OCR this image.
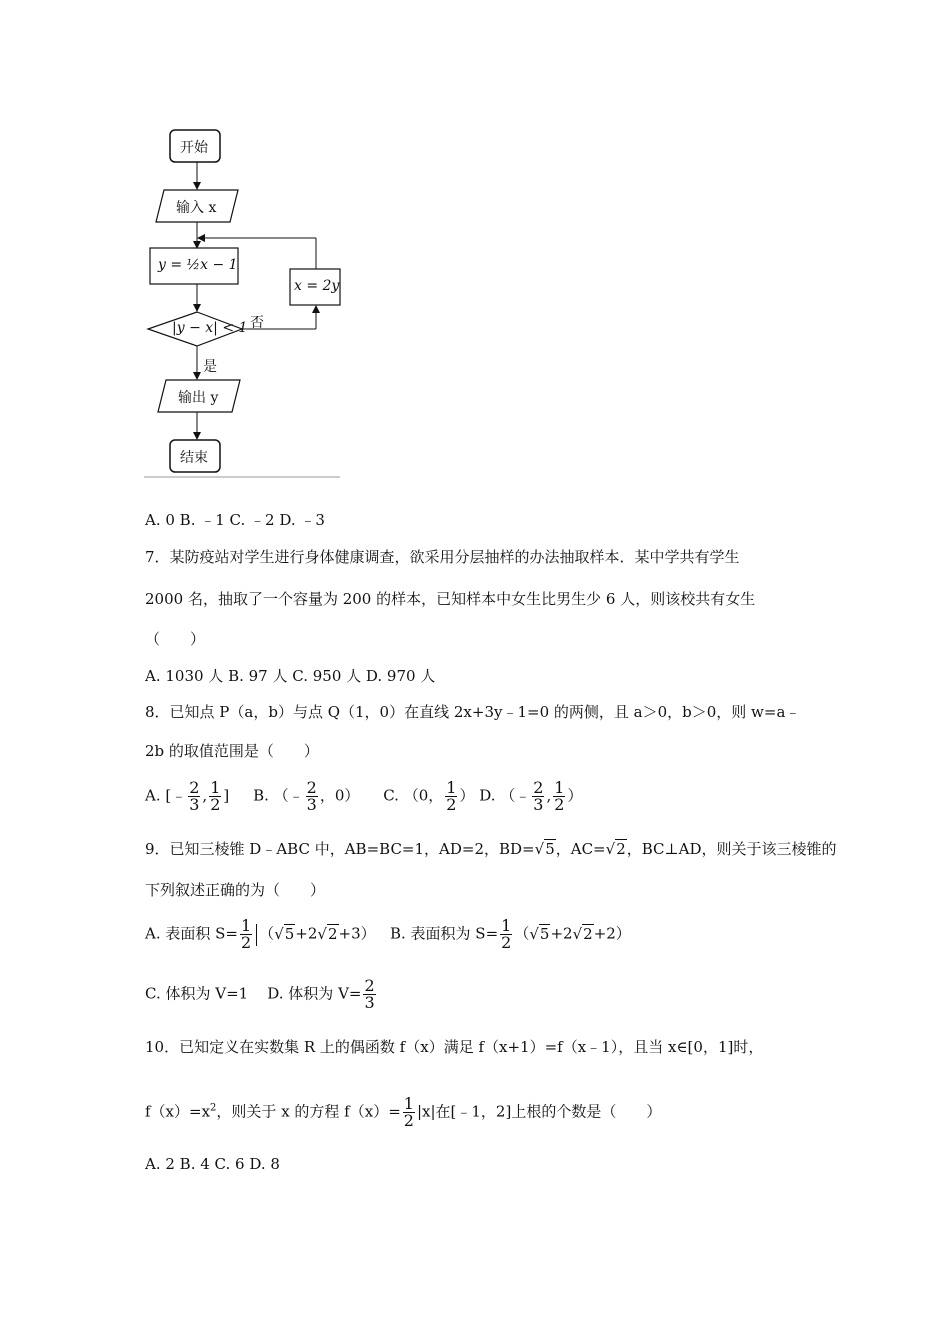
开始
输入 x
y = ½x − 1
|y − x| < 1 否
x = 2y
是
输出 y
结束
A. 0 B. ﹣1 C. ﹣2 D. ﹣3
7．某防疫站对学生进行身体健康调查，欲采用分层抽样的办法抽取样本．某中学共有学生
2000 名，抽取了一个容量为 200 的样本，已知样本中女生比男生少 6 人，则该校共有女生
（　　）
A. 1030 人 B. 97 人 C. 950 人 D. 970 人
8．已知点 P（a，b）与点 Q（1，0）在直线 2x+3y﹣1=0 的两侧，且 a＞0，b＞0，则 w=a﹣
2b 的取值范围是（　　）
A. [﹣ $\frac{2}{3}$ , $\frac{1}{2}$ ]     B. （﹣ $\frac{2}{3}$ ，0） C. （0， $\frac{1}{2}$ ） D. （﹣ $\frac{2}{3}$ , $\frac{1}{2}$ ）
9．已知三棱锥 D﹣ABC 中，AB=BC=1，AD=2，BD=√5，AC=√2，BC⊥AD，则关于该三棱锥的
下列叙述正确的为（　　）
A. 表面积 $S= \frac{1}{2} (√5+2√2+3)$ B. 表面积为 $S= \frac{1}{2} (√5+2√2+2)$
C. 体积为 V=1 D. 体积为 $V= \frac{2}{3}$
10．已知定义在实数集 R 上的偶函数 f（x）满足 f（x+1）=f（x﹣1），且当 x∈[0，1]时，
$f(x)=x^2$，则关于 x 的方程 $f(x)= \frac{1}{2} |x|$在[﹣1，2]上根的个数是（　　）
A. 2 B. 4 C. 6 D. 8
